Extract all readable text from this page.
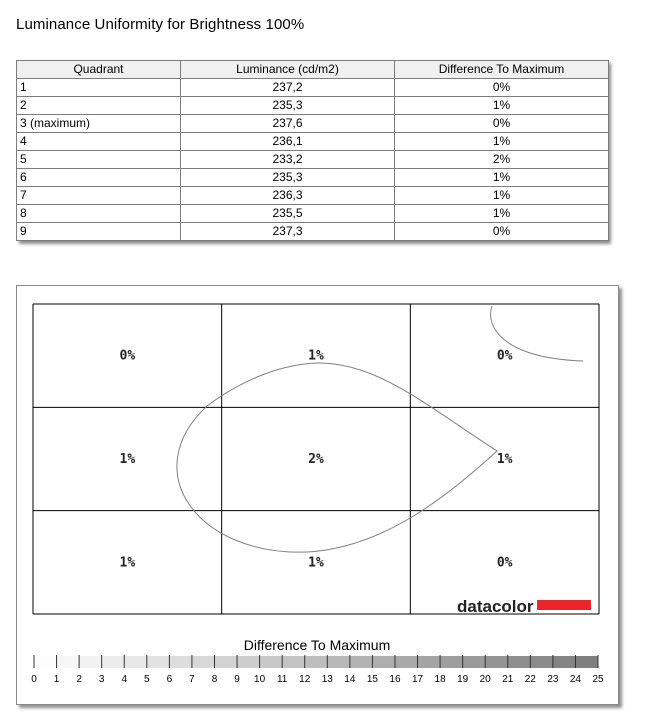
Luminance Uniformity for Brightness 100%
Quadrant	Luminance (cd/m2)	Difference To Maximum
1	237,2	0%
2	235,3	1%
3 (maximum)	237,6	0%
4	236,1	1%
5	233,2	2%
6	235,3	1%
7	236,3	1%
8	235,5	1%
9	237,3	0%
0%	1%	0%
1%	2%	1%
1%	1%	0%
datacolor
Difference To Maximum
0 1 2 3 4 5 6 7 8 9 10 11 12 13 14 15 16 17 18 19 20 21 22 23 24 25
